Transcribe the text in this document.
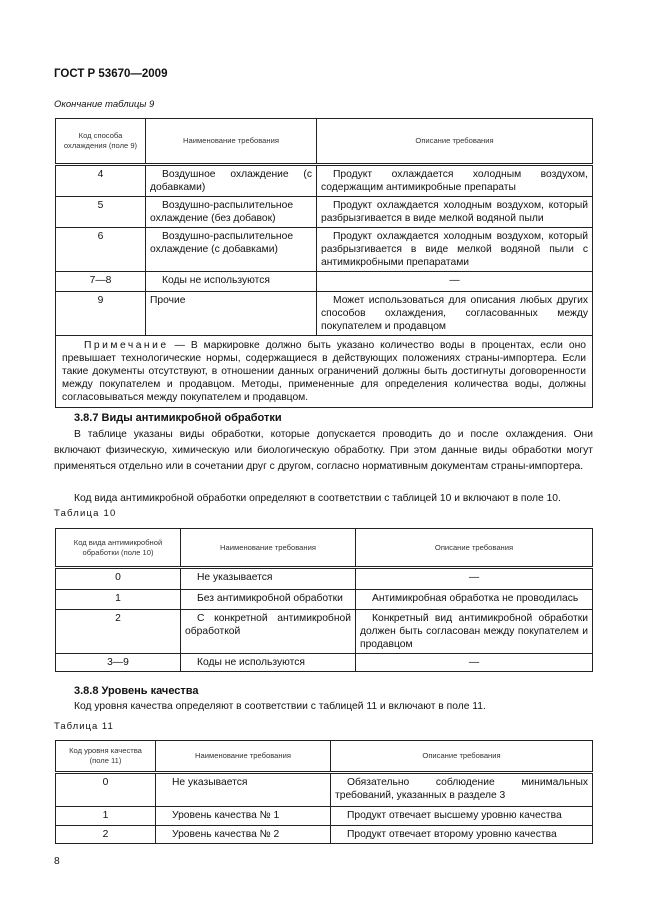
ГОСТ Р 53670—2009
Окончание таблицы 9
Код способа охлаждения (поле 9)	Наименование требования	Описание требования
4	Воздушное охлаждение (с добавками)	Продукт охлаждается холодным воздухом, содержащим антимикробные препараты
5	Воздушно-распылительное охлаждение (без добавок)	Продукт охлаждается холодным воздухом, который разбрызгивается в виде мелкой водяной пыли
6	Воздушно-распылительное охлаждение (с добавками)	Продукт охлаждается холодным воздухом, который разбрызгивается в виде мелкой водяной пыли с антимикробными препаратами
7—8	Коды не используются	—
9	Прочие	Может использоваться для описания любых других способов охлаждения, согласованных между покупателем и продавцом
Примечание — В маркировке должно быть указано количество воды в процентах, если оно превышает технологические нормы, содержащиеся в действующих положениях страны-импортера. Если такие документы отсутствуют, в отношении данных ограничений должны быть достигнуты договоренности между покупателем и продавцом. Методы, примененные для определения количества воды, должны согласовываться между покупателем и продавцом.		
3.8.7 Виды антимикробной обработки
В таблице указаны виды обработки, которые допускается проводить до и после охлаждения. Они включают физическую, химическую или биологическую обработку. При этом данные виды обработки могут применяться отдельно или в сочетании друг с другом, согласно нормативным документам страны-импортера.
Код вида антимикробной обработки определяют в соответствии с таблицей 10 и включают в поле 10.
Таблица 10
Код вида антимикробной обработки (поле 10)	Наименование требования	Описание требования
0	Не указывается	—
1	Без антимикробной обработки	Антимикробная обработка не проводилась
2	С конкретной антимикробной обработкой	Конкретный вид антимикробной обработки должен быть согласован между покупателем и продавцом
3—9	Коды не используются	—
3.8.8 Уровень качества
Код уровня качества определяют в соответствии с таблицей 11 и включают в поле 11.
Таблица 11
Код уровня качества (поле 11)	Наименование требования	Описание требования
0	Не указывается	Обязательно соблюдение минимальных требований, указанных в разделе 3
1	Уровень качества № 1	Продукт отвечает высшему уровню качества
2	Уровень качества № 2	Продукт отвечает второму уровню качества
8
